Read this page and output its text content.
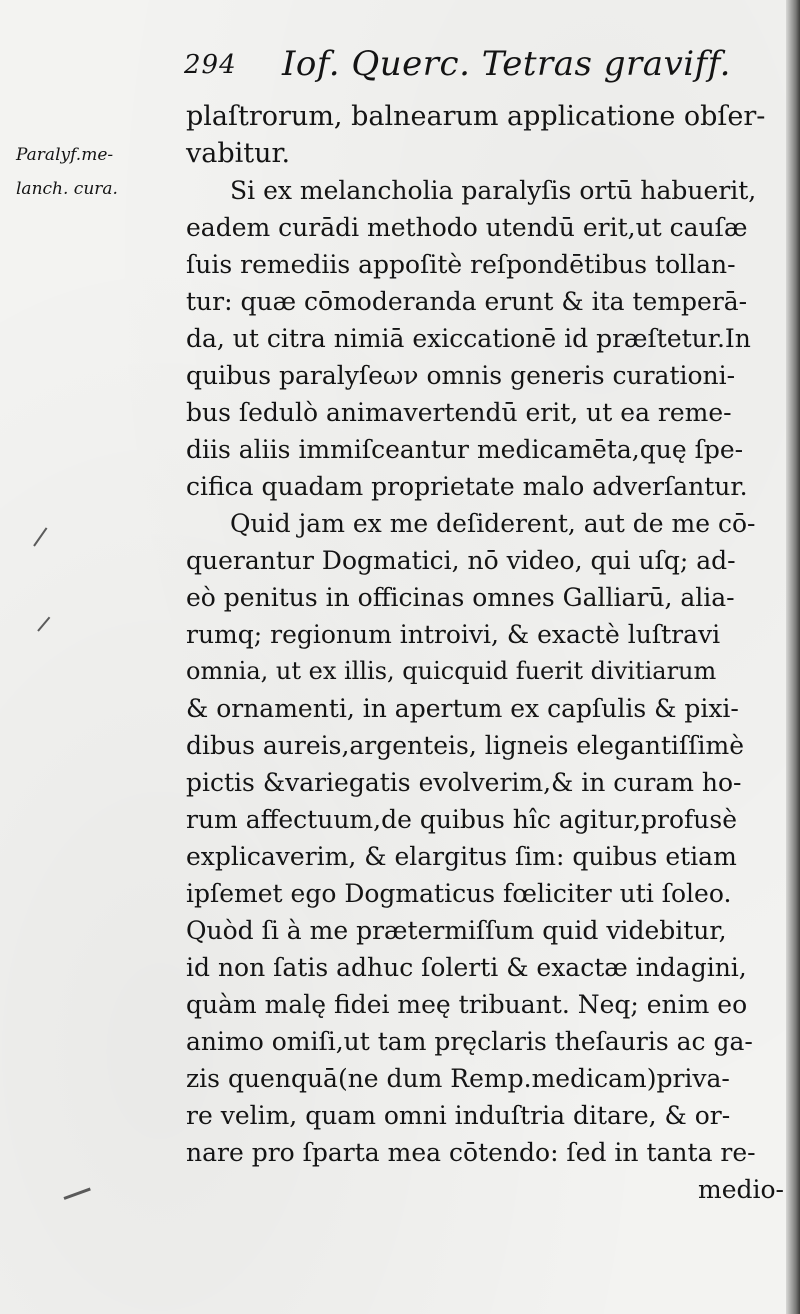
294 Iof. Querc. Tetras graviff.
Paralyf.me-
lanch. cura.
plaſtrorum, balnearum applicatione obſer-
vabitur.
Si ex melancholia paralyſis ortū habuerit,
eadem curādi methodo utendū erit,ut cauſæ
ſuis remediis appoſitè reſpondētibus tollan-
tur: quæ cōmoderanda erunt & ita temperā-
da, ut citra nimiā exiccationē id præſtetur.In
quibus paralyſeων omnis generis curationi-
bus ſedulò animavertendū erit, ut ea reme-
diis aliis immiſceantur medicamēta,quę ſpe-
cifica quadam proprietate malo adverſantur.
Quid jam ex me deſiderent, aut de me cō-
querantur Dogmatici, nō video, qui uſq; ad-
eò penitus in officinas omnes Galliarū, alia-
rumq; regionum introivi, & exactè luſtravi
omnia, ut ex illis, quicquid fuerit divitiarum
& ornamenti, in apertum ex capſulis & pixi-
dibus aureis,argenteis, ligneis elegantiſſimè
pictis &variegatis evolverim,& in curam ho-
rum affectuum,de quibus hîc agitur,profusè
explicaverim, & elargitus ſim: quibus etiam
ipſemet ego Dogmaticus fœliciter uti ſoleo.
Quòd ſi à me prætermiſſum quid videbitur,
id non ſatis adhuc ſolerti & exactæ indagini,
quàm malę fidei meę tribuant. Neq; enim eo
animo omiſi,ut tam pręclaris theſauris ac ga-
zis quenquā(ne dum Remp.medicam)priva-
re velim, quam omni induſtria ditare, & or-
nare pro ſparta mea cōtendo: ſed in tanta re-
medio-
